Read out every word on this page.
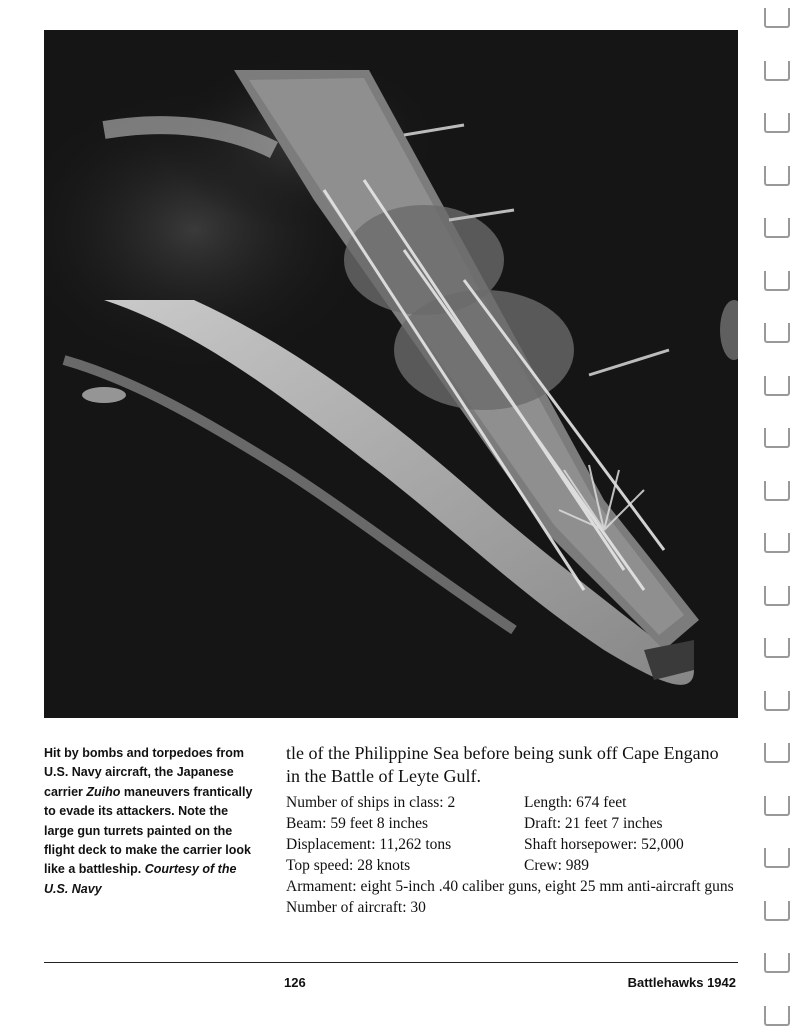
Hit by bombs and torpedoes from U.S. Navy aircraft, the Japanese carrier Zuiho maneuvers frantically to evade its attackers. Note the large gun turrets painted on the flight deck to make the carrier look like a battleship. Courtesy of the U.S. Navy

tle of the Philippine Sea before being sunk off Cape Engano in the Battle of Leyte Gulf.

Number of ships in class: 2	Length: 674 feet
Beam: 59 feet 8 inches	Draft: 21 feet 7 inches
Displacement: 11,262 tons	Shaft horsepower: 52,000
Top speed: 28 knots	Crew: 989
Armament: eight 5-inch .40 caliber guns, eight 25 mm anti-aircraft guns
Number of aircraft: 30
126	Battlehawks 1942
